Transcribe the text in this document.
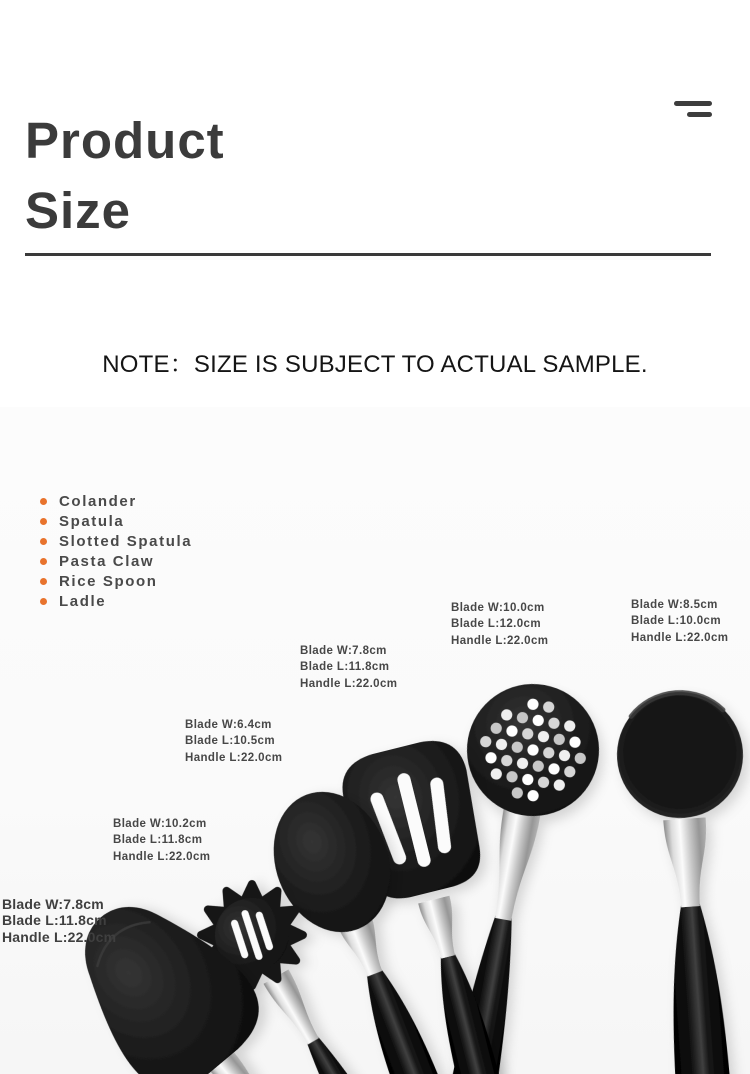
Product
Size
NOTE：SIZE IS SUBJECT TO ACTUAL SAMPLE.
Colander
Spatula
Slotted Spatula
Pasta Claw
Rice Spoon
Ladle	Blade W:10.0cm
Blade L:12.0cm
Handle L:22.0cm
Blade W:8.5cm
Blade L:10.0cm
Handle L:22.0cm
Blade W:7.8cm
Blade L:11.8cm
Handle L:22.0cm
Blade W:6.4cm
Blade L:10.5cm
Handle L:22.0cm
Blade W:10.2cm
Blade L:11.8cm
Handle L:22.0cm
Blade W:7.8cm
Blade L:11.8cm
Handle L:22.0cm
